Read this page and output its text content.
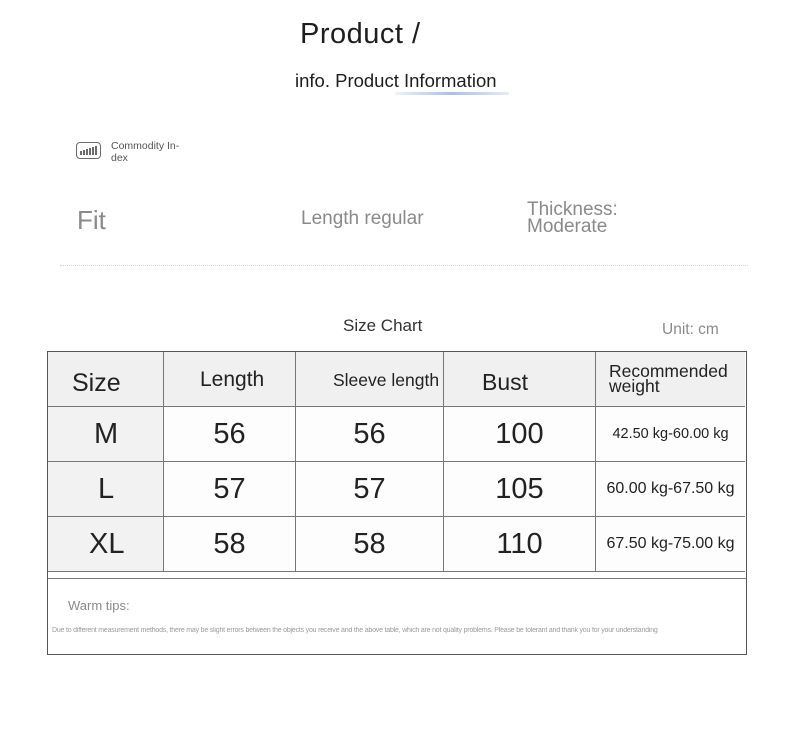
Product /
info. Product Information
Commodity In- dex
Fit	Length regular	Thickness: Moderate
Size Chart	Unit: cm
Size	Length	Sleeve length	Bust	Recommended weight
M	56	56	100	42.50 kg-60.00 kg
L	57	57	105	60.00 kg-67.50 kg
XL	58	58	110	67.50 kg-75.00 kg
Warm tips:
Due to different measurement methods, there may be slight errors between the objects you receive and the above table, which are not quality problems. Please be tolerant and thank you for your understanding
